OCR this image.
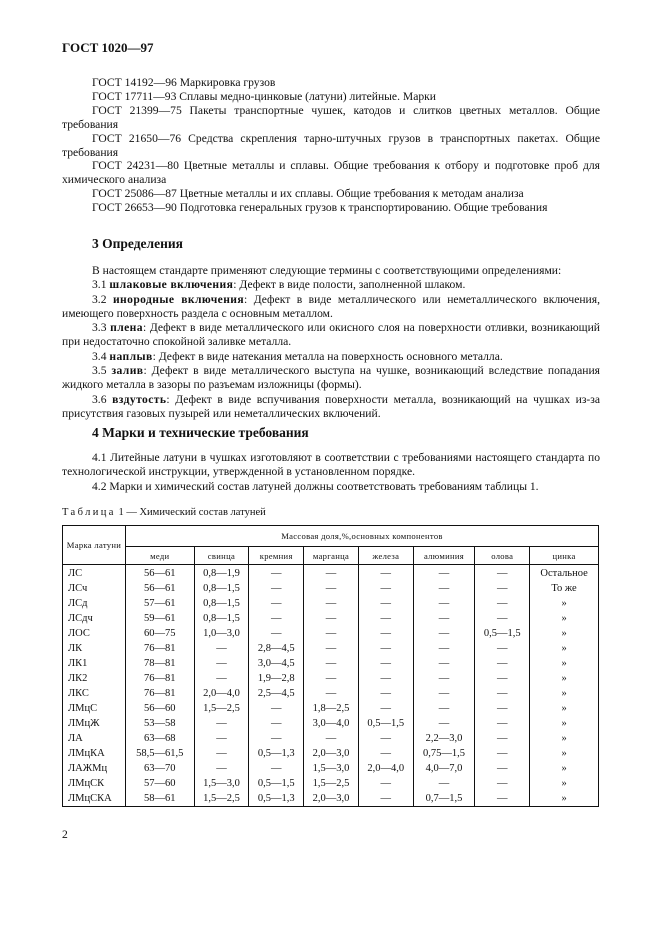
ГОСТ 1020—97

ГОСТ 14192—96 Маркировка грузов

ГОСТ 17711—93 Сплавы медно-цинковые (латуни) литейные. Марки

ГОСТ 21399—75 Пакеты транспортные чушек, катодов и слитков цветных металлов. Общие требования

ГОСТ 21650—76 Средства скрепления тарно-штучных грузов в транспортных пакетах. Общие требования

ГОСТ 24231—80 Цветные металлы и сплавы. Общие требования к отбору и подготовке проб для химического анализа

ГОСТ 25086—87 Цветные металлы и их сплавы. Общие требования к методам анализа

ГОСТ 26653—90 Подготовка генеральных грузов к транспортированию. Общие требования

3 Определения

В настоящем стандарте применяют следующие термины с соответствующими определениями:

3.1 шлаковые включения: Дефект в виде полости, заполненной шлаком.

3.2 инородные включения: Дефект в виде металлического или неметаллического включения, имеющего поверхность раздела с основным металлом.

3.3 плена: Дефект в виде металлического или окисного слоя на поверхности отливки, возникающий при недостаточно спокойной заливке металла.

3.4 наплыв: Дефект в виде натекания металла на поверхность основного металла.

3.5 залив: Дефект в виде металлического выступа на чушке, возникающий вследствие попадания жидкого металла в зазоры по разъемам изложницы (формы).

3.6 вздутость: Дефект в виде вспучивания поверхности металла, возникающий на чушках из-за присутствия газовых пузырей или неметаллических включений.

4 Марки и технические требования

4.1 Литейные латуни в чушках изготовляют в соответствии с требованиями настоящего стандарта по технологической инструкции, утвержденной в установленном порядке.

4.2 Марки и химический состав латуней должны соответствовать требованиям таблицы 1.

Таблица 1 — Химический состав латуней
Марка латуни	Массовая доля,%,основных компонентов							
	меди	свинца	кремния	марганца	железа	алюминия	олова	цинка
ЛС	56—61	0,8—1,9	—	—	—	—	—	Остальное
ЛСч	56—61	0,8—1,5	—	—	—	—	—	То же
ЛСд	57—61	0,8—1,5	—	—	—	—	—	»
ЛСдч	59—61	0,8—1,5	—	—	—	—	—	»
ЛОС	60—75	1,0—3,0	—	—	—	—	0,5—1,5	»
ЛК	76—81	—	2,8—4,5	—	—	—	—	»
ЛК1	78—81	—	3,0—4,5	—	—	—	—	»
ЛК2	76—81	—	1,9—2,8	—	—	—	—	»
ЛКС	76—81	2,0—4,0	2,5—4,5	—	—	—	—	»
ЛМцС	56—60	1,5—2,5	—	1,8—2,5	—	—	—	»
ЛМцЖ	53—58	—	—	3,0—4,0	0,5—1,5	—	—	»
ЛА	63—68	—	—	—	—	2,2—3,0	—	»
ЛМцКА	58,5—61,5	—	0,5—1,3	2,0—3,0	—	0,75—1,5	—	»
ЛАЖМц	63—70	—	—	1,5—3,0	2,0—4,0	4,0—7,0	—	»
ЛМцСК	57—60	1,5—3,0	0,5—1,5	1,5—2,5	—	—	—	»
ЛМцСКА	58—61	1,5—2,5	0,5—1,3	2,0—3,0	—	0,7—1,5	—	»
2
